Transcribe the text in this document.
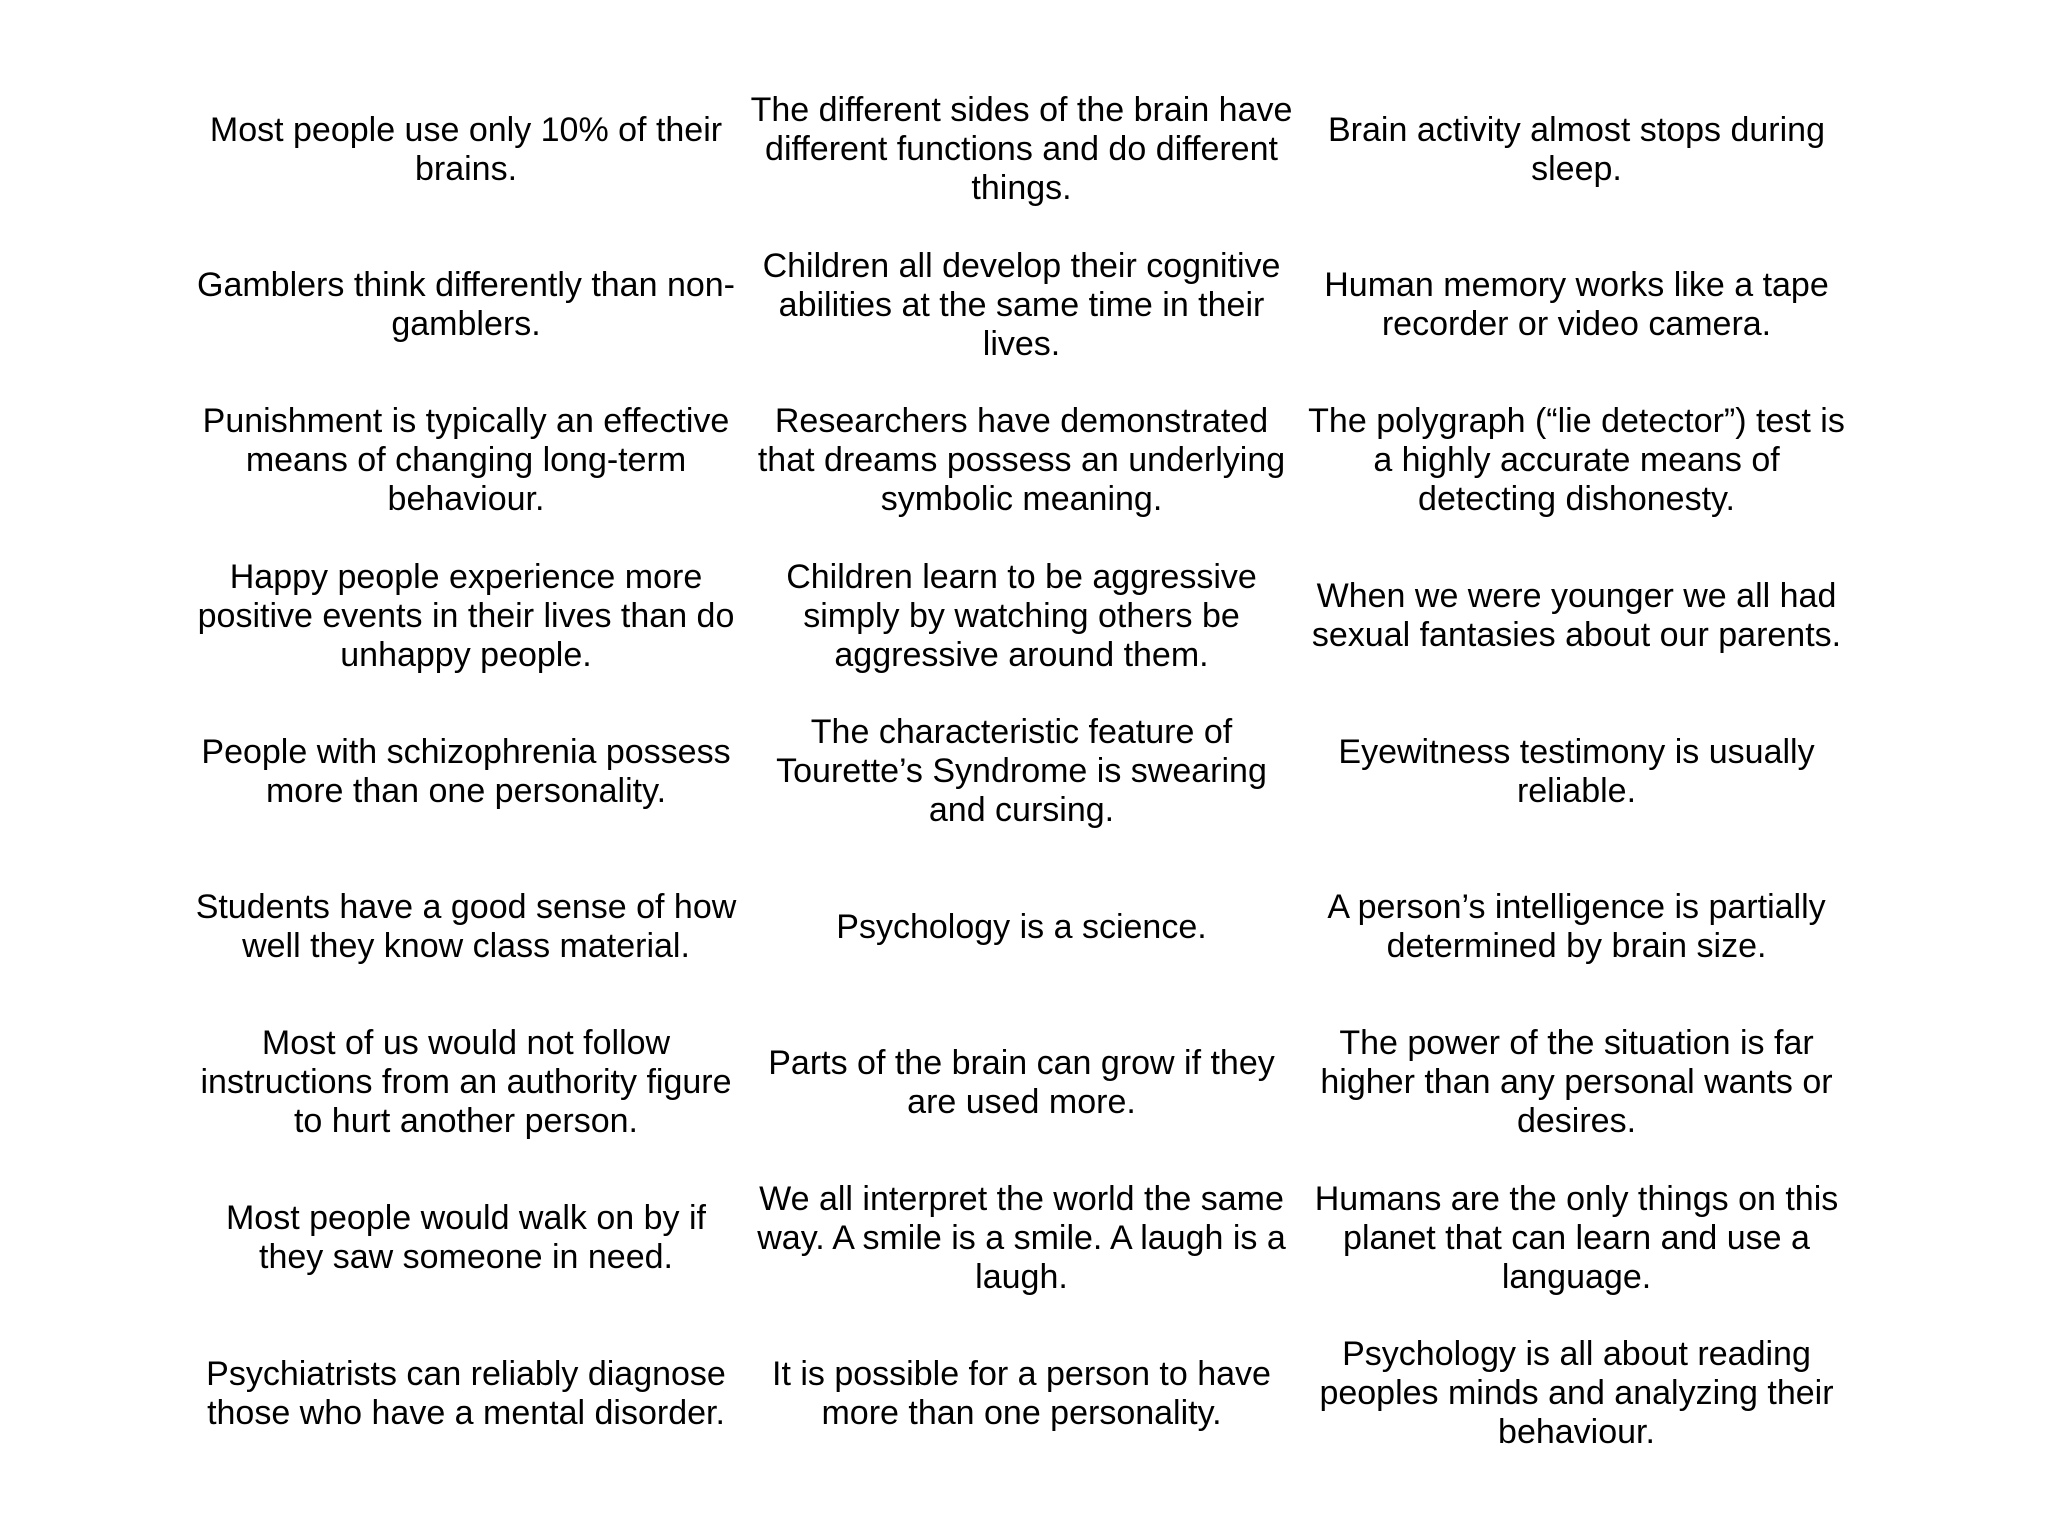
Most people use only 10% of their brains.
The different sides of the brain have different functions and do different things.
Brain activity almost stops during sleep.
Gamblers think differently than non-gamblers.
Children all develop their cognitive abilities at the same time in their lives.
Human memory works like a tape recorder or video camera.
Punishment is typically an effective means of changing long-term behaviour.
Researchers have demonstrated that dreams possess an underlying symbolic meaning.
The polygraph (“lie detector”) test is a highly accurate means of detecting dishonesty.
Happy people experience more positive events in their lives than do unhappy people.
Children learn to be aggressive simply by watching others be aggressive around them.
When we were younger we all had sexual fantasies about our parents.
People with schizophrenia possess more than one personality.
The characteristic feature of Tourette’s Syndrome is swearing and cursing.
Eyewitness testimony is usually reliable.
Students have a good sense of how well they know class material.
Psychology is a science.
A person’s intelligence is partially determined by brain size.
Most of us would not follow instructions from an authority figure to hurt another person.
Parts of the brain can grow if they are used more.
The power of the situation is far higher than any personal wants or desires.
Most people would walk on by if they saw someone in need.
We all interpret the world the same way. A smile is a smile. A laugh is a laugh.
Humans are the only things on this planet that can learn and use a language.
Psychiatrists can reliably diagnose those who have a mental disorder.
It is possible for a person to have more than one personality.
Psychology is all about reading peoples minds and analyzing their behaviour.
